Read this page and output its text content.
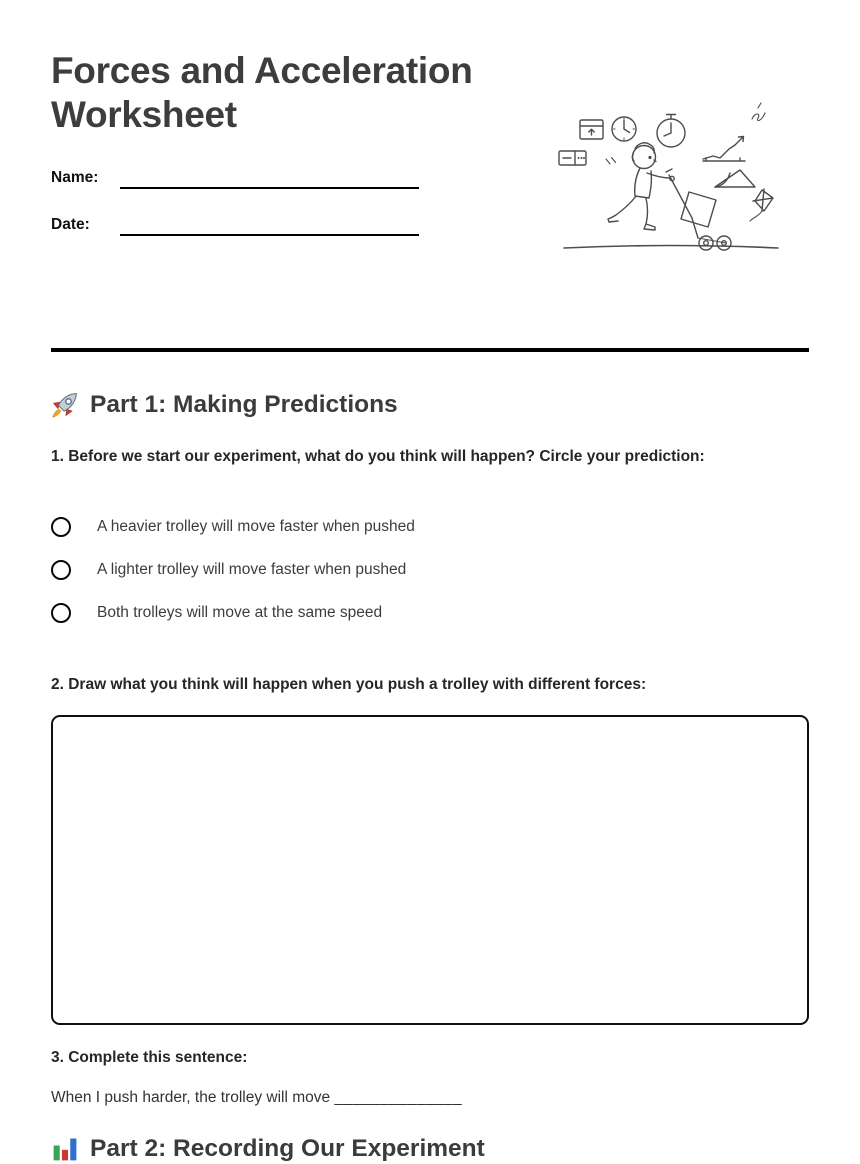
Forces and Acceleration Worksheet
Name:
Date:
Part 1: Making Predictions

1. Before we start our experiment, what do you think will happen? Circle your prediction:

A heavier trolley will move faster when pushed
A lighter trolley will move faster when pushed
Both trolleys will move at the same speed

2. Draw what you think will happen when you push a trolley with different forces:

3. Complete this sentence:

When I push harder, the trolley will move ______________

Part 2: Recording Our Experiment
